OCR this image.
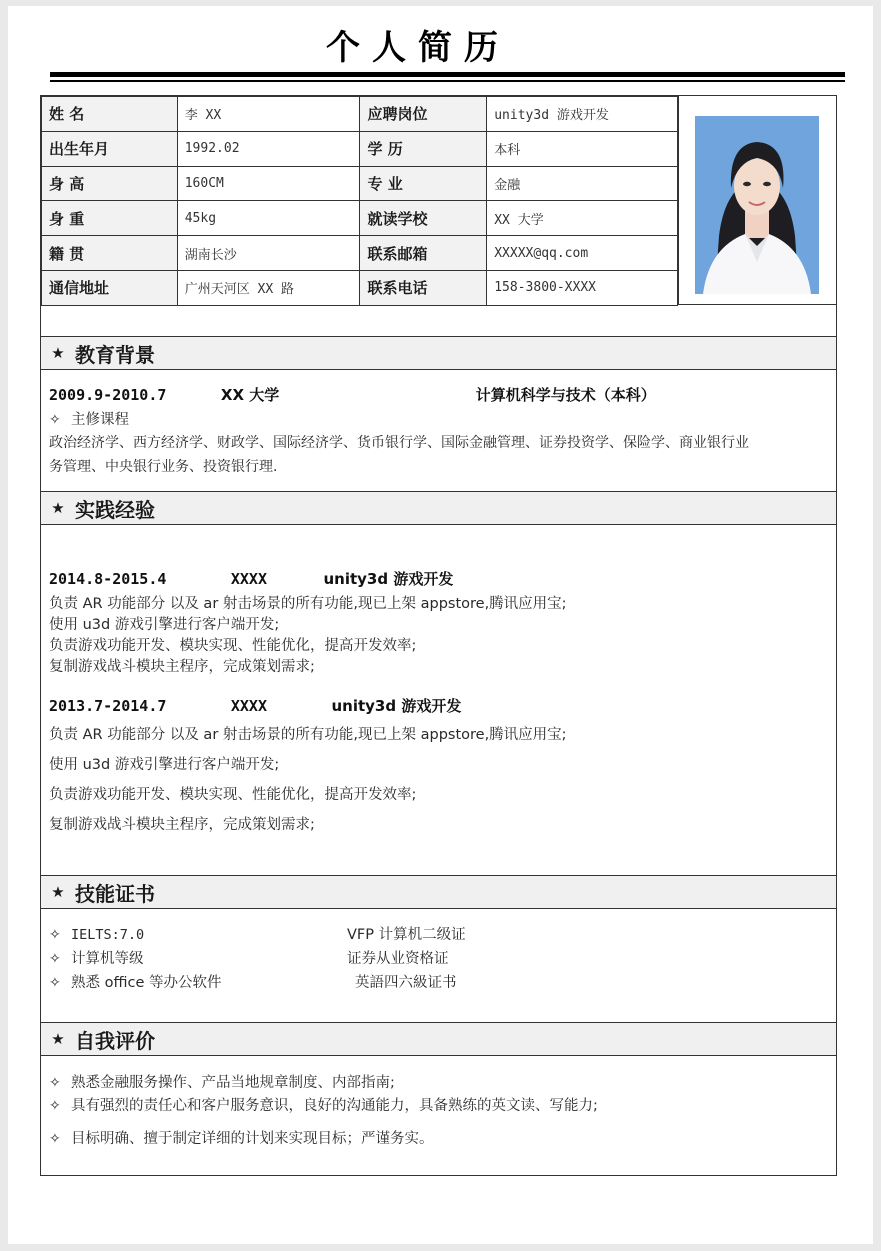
个人简历
姓 名	李 XX	应聘岗位	unity3d 游戏开发
出生年月	1992.02	学 历	本科
身 高	160CM	专 业	金融
身 重	45kg	就读学校	XX 大学
籍 贯	湖南长沙	联系邮箱	XXXXX@qq.com
通信地址	广州天河区 XX 路	联系电话	158-3800-XXXX
★ 教育背景
2009.9-2010.7	XX 大学	计算机科学与技术（本科）
✧ 主修课程
政治经济学、西方经济学、财政学、国际经济学、货币银行学、国际金融管理、证券投资学、保险学、商业银行业
务管理、中央银行业务、投资银行理.
★ 实践经验
2014.8-2015.4	XXXX	unity3d 游戏开发
负责 AR 功能部分 以及 ar 射击场景的所有功能,现已上架 appstore,腾讯应用宝;
使用 u3d 游戏引擎进行客户端开发;
负责游戏功能开发、模块实现、性能优化，提高开发效率;
复制游戏战斗模块主程序，完成策划需求;
2013.7-2014.7	XXXX	unity3d 游戏开发
负责 AR 功能部分 以及 ar 射击场景的所有功能,现已上架 appstore,腾讯应用宝;
使用 u3d 游戏引擎进行客户端开发;
负责游戏功能开发、模块实现、性能优化，提高开发效率;
复制游戏战斗模块主程序，完成策划需求;
★ 技能证书
✧ IELTS:7.0	VFP 计算机二级证
✧ 计算机等级	证券从业资格证
✧ 熟悉 office 等办公软件	英語四六級证书
★ 自我评价
✧ 熟悉金融服务操作、产品当地规章制度、内部指南;
✧ 具有强烈的责任心和客户服务意识，良好的沟通能力，具备熟练的英文读、写能力;
✧ 目标明确、擅于制定详细的计划来实现目标；严谨务实。
